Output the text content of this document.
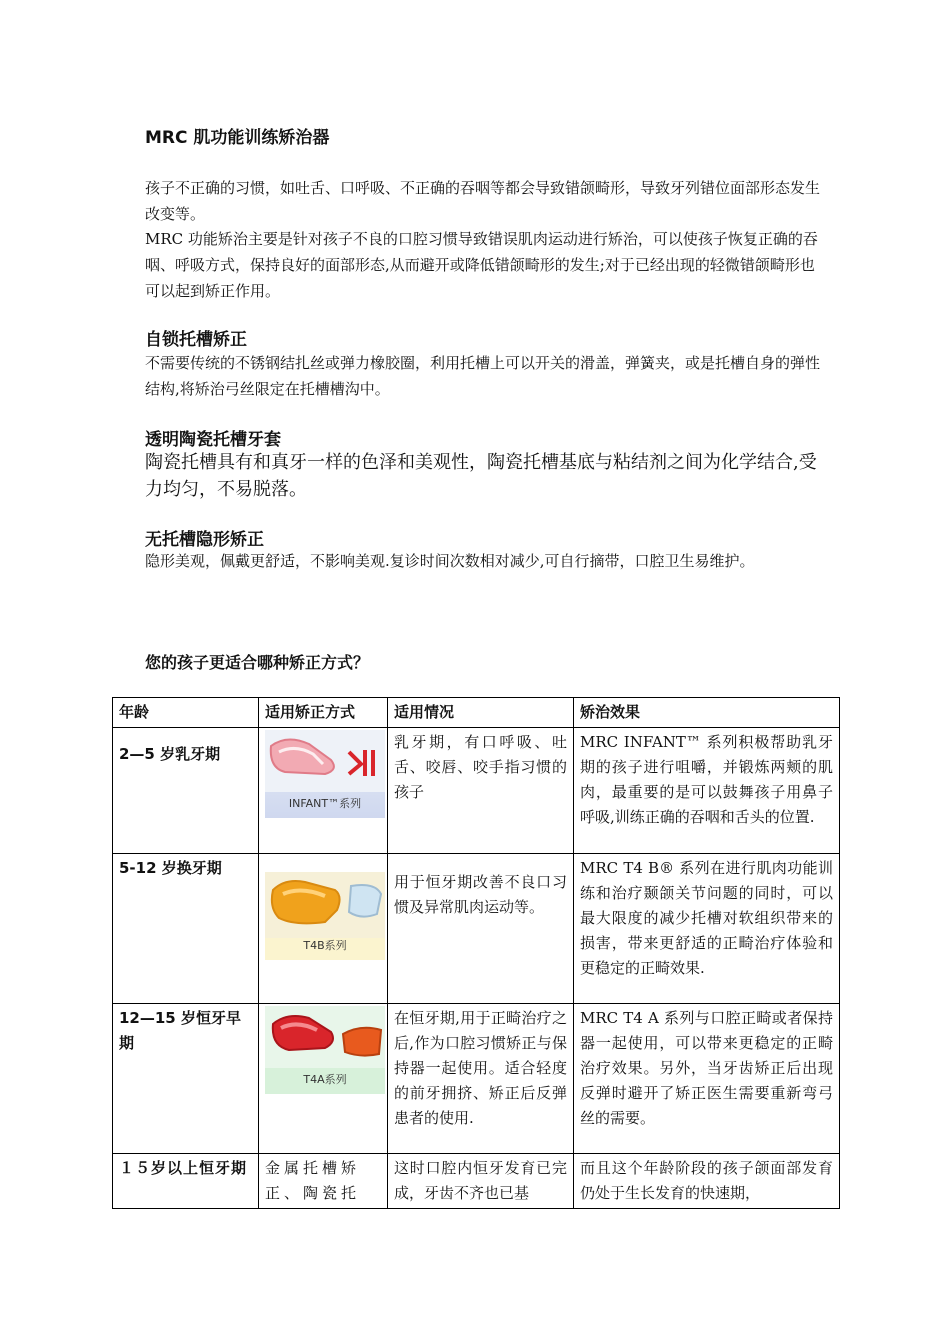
MRC 肌功能训练矫治器
孩子不正确的习惯，如吐舌、口呼吸、不正确的吞咽等都会导致错颌畸形，导致牙列错位面部形态发生改变等。
MRC 功能矫治主要是针对孩子不良的口腔习惯导致错误肌肉运动进行矫治，可以使孩子恢复正确的吞咽、呼吸方式，保持良好的面部形态,从而避开或降低错颌畸形的发生;对于已经出现的轻微错颌畸形也可以起到矫正作用。
自锁托槽矫正
不需要传统的不锈钢结扎丝或弹力橡胶圈，利用托槽上可以开关的滑盖，弹簧夹，或是托槽自身的弹性结构,将矫治弓丝限定在托槽槽沟中。
透明陶瓷托槽牙套
陶瓷托槽具有和真牙一样的色泽和美观性，陶瓷托槽基底与粘结剂之间为化学结合,受力均匀，不易脱落。
无托槽隐形矫正
隐形美观，佩戴更舒适，不影响美观.复诊时间次数相对减少,可自行摘带，口腔卫生易维护。
您的孩子更适合哪种矫正方式？
年龄	适用矫正方式	适用情况	矫治效果
2—5 岁乳牙期	INFANT™系列	乳牙期，有口呼吸、吐舌、咬唇、咬手指习惯的孩子	MRC INFANT™ 系列积极帮助乳牙期的孩子进行咀嚼，并锻炼两颊的肌肉，最重要的是可以鼓舞孩子用鼻子呼吸,训练正确的吞咽和舌头的位置.
5-12 岁换牙期	T4B系列	用于恒牙期改善不良口习惯及异常肌肉运动等。	MRC T4 B® 系列在进行肌肉功能训练和治疗颞颌关节问题的同时，可以最大限度的减少托槽对软组织带来的损害，带来更舒适的正畸治疗体验和更稳定的正畸效果.
12—15 岁恒牙早期	T4A系列	在恒牙期,用于正畸治疗之后,作为口腔习惯矫正与保持器一起使用。适合轻度的前牙拥挤、矫正后反弹患者的使用.	MRC T4 A 系列与口腔正畸或者保持器一起使用，可以带来更稳定的正畸治疗效果。另外，当牙齿矫正后出现反弹时避开了矫正医生需要重新弯弓丝的需要。
１５岁以上恒牙期	金属托槽矫正、陶瓷托	这时口腔内恒牙发育已完成，牙齿不齐也已基	而且这个年龄阶段的孩子颌面部发育仍处于生长发育的快速期，
